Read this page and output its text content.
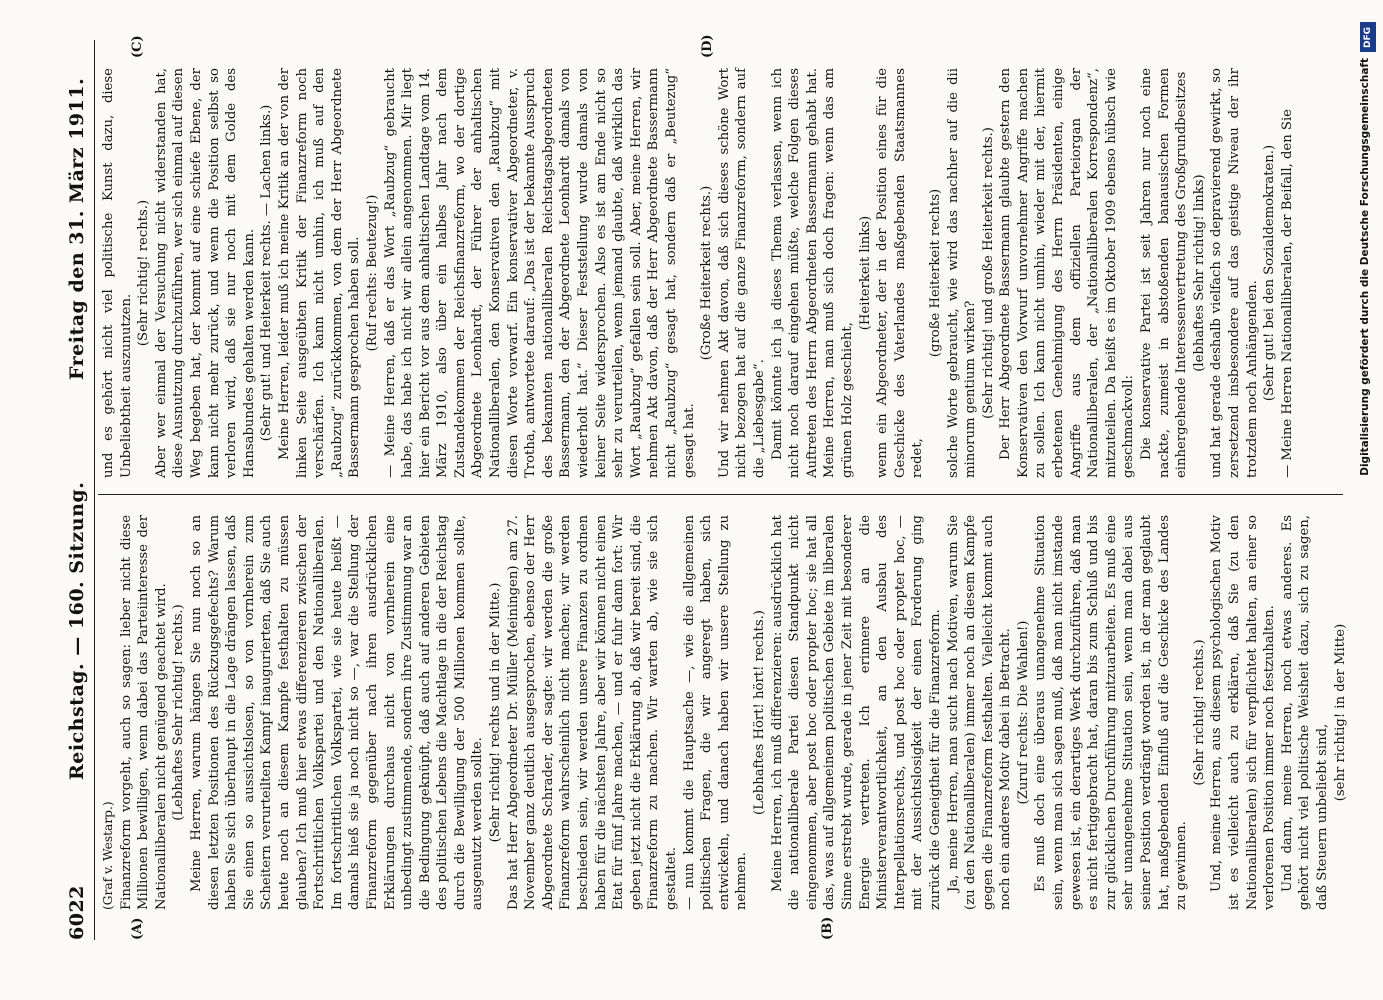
6022
Reichstag. — 160. Sitzung.
Freitag den 31. März 1911.
(A)	(B)
(C)	(D)

(Graf v. Westarp.) Finanzreform vorgeht, auch so sagen: lieber nicht diese Millionen bewilligen, wenn dabei das Parteiinteresse der Nationalliberalen nicht genügend geachtet wird. (Lebhaftes Sehr richtig! rechts.) Meine Herren, warum hängen Sie nun noch so an diesen letzten Positionen des Rückzugsgefechts? Warum haben Sie sich überhaupt in die Lage drängen lassen, daß Sie einen so aussichtslosen, so von vornherein zum Scheitern verurteilten Kampf inaugurierten, daß Sie auch heute noch an diesem Kampfe festhalten zu müssen glauben? Ich muß hier etwas differenzieren zwischen der Fortschrittlichen Volkspartei und den Nationalliberalen. Im fortschrittlichen Volkspartei, wie sie heute heißt — damals hieß sie ja noch nicht so —, war die Stellung der Finanzreform gegenüber nach ihren ausdrücklichen Erklärungen durchaus nicht von vornherein eine unbedingt zustimmende, sondern ihre Zustimmung war an die Bedingung geknüpft, daß auch auf anderen Gebieten des politischen Lebens die Machtlage in die der Reichstag durch die Bewilligung der 500 Millionen kommen sollte, ausgenutzt werden sollte. (Sehr richtig! rechts und in der Mitte.) Das hat Herr Abgeordneter Dr. Müller (Meiningen) am 27. November ganz deutlich ausgesprochen, ebenso der Herr Abgeordnete Schrader, der sagte: wir werden die große Finanzreform wahrscheinlich nicht machen; wir werden beschieden sein, wir werden unsere Finanzen zu ordnen haben für die nächsten Jahre, aber wir können nicht einen Etat für fünf Jahre machen, — und er fuhr dann fort: Wir geben jetzt nicht die Erklärung ab, daß wir bereit sind, die Finanzreform zu machen. Wir warten ab, wie sie sich gestaltet. — nun kommt die Hauptsache —, wie die allgemeinen politischen Fragen, die wir angeregt haben, sich entwickeln, und danach haben wir unsere Stellung zu nehmen.

(Lebhaftes Hört! hört! rechts.) Meine Herren, ich muß differenzieren: ausdrücklich hat die nationalliberale Partei diesen Standpunkt nicht eingenommen, aber post hoc oder propter hoc; sie hat all das, was auf allgemeinem politischen Gebiete im liberalen Sinne erstrebt wurde, gerade in jener Zeit mit besonderer Energie vertreten. Ich erinnere an die Ministerverantwortlichkeit, an den Ausbau des Interpellationsrechts, und post hoc oder propter hoc, — mit der Aussichtslosigkeit der einen Forderung ging zurück die Geneigtheit für die Finanzreform. Ja, meine Herren, man sucht nach Motiven, warum Sie (zu den Nationalliberalen) immer noch an diesem Kampfe gegen die Finanzreform festhalten. Vielleicht kommt auch noch ein anderes Motiv dabei in Betracht. (Zuruf rechts: Die Wahlen!) Es muß doch eine überaus unangenehme Situation sein, wenn man sich sagen muß, daß man nicht imstande gewesen ist, ein derartiges Werk durchzuführen, daß man es nicht fertiggebracht hat, daran bis zum Schluß und bis zur glücklichen Durchführung mitzuarbeiten. Es muß eine sehr unangenehme Situation sein, wenn man dabei aus seiner Position verdrängt worden ist, in der man geglaubt hat, maßgebenden Einfluß auf die Geschicke des Landes zu gewinnen.

(Sehr richtig! rechts.) Und, meine Herren, aus diesem psychologischen Motiv ist es vielleicht auch zu erklären, daß Sie (zu den Nationalliberalen) sich für verpflichtet halten, an einer so verlorenen Position immer noch festzuhalten. Und dann, meine Herren, noch etwas anderes. Es gehört nicht viel politische Weisheit dazu, sich zu sagen, daß Steuern unbeliebt sind,

(sehr richtig! in der Mitte)

und es gehört nicht viel politische Kunst dazu, diese Unbeliebtheit auszunutzen.

(Sehr richtig! rechts.) Aber wer einmal der Versuchung nicht widerstanden hat, diese Ausnutzung durchzuführen, wer sich einmal auf diesen Weg begeben hat, der kommt auf eine schiefe Ebene, der kann nicht mehr zurück, und wenn die Position selbst so verloren wird, daß sie nur noch mit dem Golde des Hansabundes gehalten werden kann. (Sehr gut! und Heiterkeit rechts. — Lachen links.) Meine Herren, leider muß ich meine Kritik an der von der linken Seite ausgeübten Kritik der Finanzreform noch verschärfen. Ich kann nicht umhin, ich muß auf den „Raubzug“ zurückkommen, von dem der Herr Abgeordnete Bassermann gesprochen haben soll. (Ruf rechts: Beutezug!) — Meine Herren, daß er das Wort „Raubzug“ gebraucht habe, das habe ich nicht wir allein angenommen. Mir liegt hier ein Bericht vor aus dem anhaltischen Landtage vom 14. März 1910, also über ein halbes Jahr nach dem Zustandekommen der Reichsfinanzreform, wo der dortige Abgeordnete Leonhardt, der Führer der anhaltischen Nationalliberalen, den Konservativen den „Raubzug“ mit diesen Worte vorwarf. Ein konservativer Abgeordneter, v. Trotha, antwortete darauf: „Das ist der bekannte Ausspruch des bekannten nationalliberalen Reichstagsabgeordneten Bassermann, den der Abgeordnete Leonhardt damals von wiederholt hat.“ Dieser Feststellung wurde damals von keiner Seite widersprochen. Also es ist am Ende nicht so sehr zu verurteilen, wenn jemand glaubte, daß wirklich das Wort „Raubzug“ gefallen sein soll. Aber, meine Herren, wir nehmen Akt davon, daß der Herr Abgeordnete Bassermann nicht „Raubzug“ gesagt hat, sondern daß er „Beutezug“ gesagt hat.

(Große Heiterkeit rechts.) Und wir nehmen Akt davon, daß sich dieses schöne Wort nicht bezogen hat auf die ganze Finanzreform, sondern auf die „Liebesgabe“. Damit könnte ich ja dieses Thema verlassen, wenn ich nicht noch darauf eingehen müßte, welche Folgen dieses Auftreten des Herrn Abgeordneten Bassermann gehabt hat. Meine Herren, man muß sich doch fragen: wenn das am grünen Holz geschieht,

(Heiterkeit links) wenn ein Abgeordneter, der in der Position eines für die Geschicke des Vaterlandes maßgebenden Staatsmannes redet,

(große Heiterkeit rechts) solche Worte gebraucht, wie wird das nachher auf die dii minorum gentium wirken? (Sehr richtig! und große Heiterkeit rechts.) Der Herr Abgeordnete Bassermann glaubte gestern den Konservativen den Vorwurf unvornehmer Angriffe machen zu sollen. Ich kann nicht umhin, wieder mit der, hiermit erbetenen Genehmigung des Herrn Präsidenten, einige Angriffe aus dem offiziellen Parteiorgan der Nationalliberalen, der „Nationalliberalen Korrespondenz“, mitzuteilen. Da heißt es im Oktober 1909 ebenso hübsch wie geschmackvoll: Die konservative Partei ist seit Jahren nur noch eine nackte, zumeist in abstoßenden banausischen Formen einhergehende Interessenvertretung des Großgrundbesitzes (lebhaftes Sehr richtig! links) und hat gerade deshalb vielfach so depravierend gewirkt, so zersetzend insbesondere auf das geistige Niveau der ihr trotzdem noch Anhängenden. (Sehr gut! bei den Sozialdemokraten.) — Meine Herren Nationalliberalen, der Beifall, den Sie

DFG
Digitalisierung gefördert durch die Deutsche Forschungsgemeinschaft
